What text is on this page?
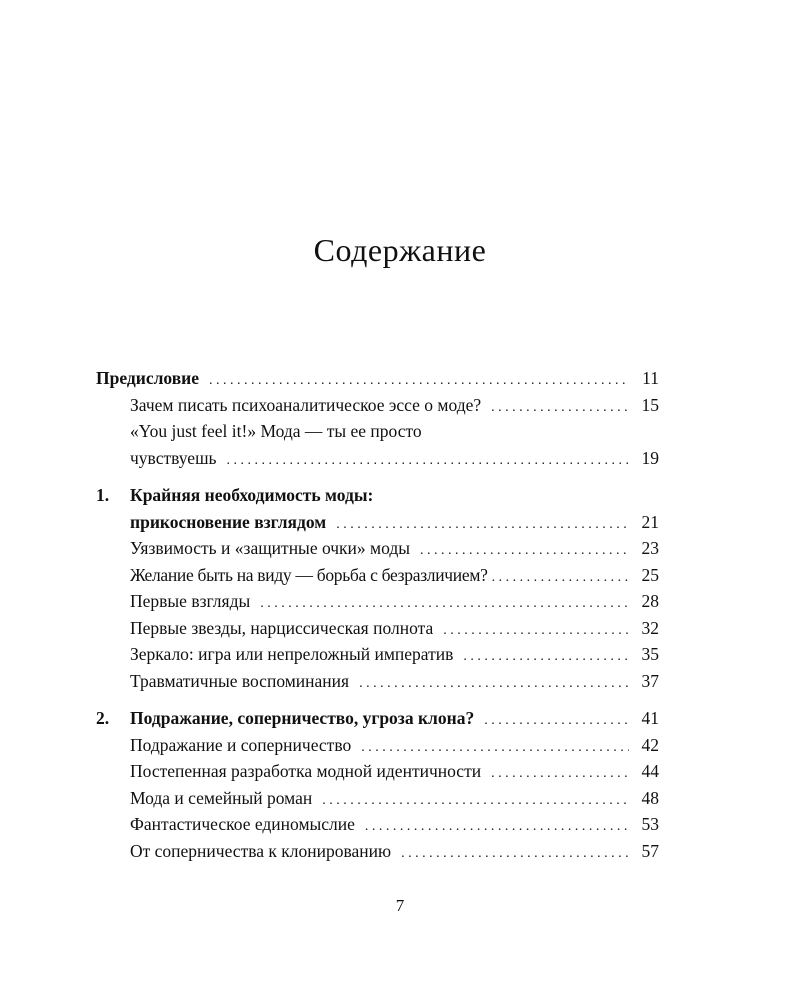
Содержание
Предисловие . . .	11
Зачем писать психоаналитическое эссе о моде? . . .	15
«You just feel it!» Мода — ты ее просто
чувствуешь . . .	19
1.	Крайняя необходимость моды:
прикосновение взглядом . . .	21
Уязвимость и «защитные очки» моды . . .	23
Желание быть на виду — борьба с безразличием? . . .	25
Первые взгляды . . .	28
Первые звезды, нарциссическая полнота . . .	32
Зеркало: игра или непреложный императив . . .	35
Травматичные воспоминания . . .	37
2.	Подражание, соперничество, угроза клона? . . .	41
Подражание и соперничество . . .	42
Постепенная разработка модной идентичности . . .	44
Мода и семейный роман . . .	48
Фантастическое единомыслие . . .	53
От соперничества к клонированию . . .	57
7
